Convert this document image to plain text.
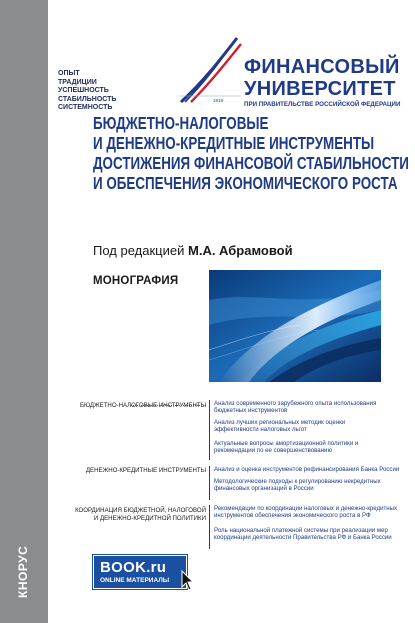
КНОРУС
ОПЫТ
ТРАДИЦИИ
УСПЕШНОСТЬ
СТАБИЛЬНОСТЬ
СИСТЕМНОСТЬ
1919
ФИНАНСОВЫЙ
УНИВЕРСИТЕТ
ПРИ ПРАВИТЕЛЬСТВЕ РОССИЙСКОЙ ФЕДЕРАЦИИ
БЮДЖЕТНО-НАЛОГОВЫЕ
И ДЕНЕЖНО-КРЕДИТНЫЕ ИНСТРУМЕНТЫ
ДОСТИЖЕНИЯ ФИНАНСОВОЙ СТАБИЛЬНОСТИ
И ОБЕСПЕЧЕНИЯ ЭКОНОМИЧЕСКОГО РОСТА
Под редакцией М.А. Абрамовой
МОНОГРАФИЯ
БЮДЖЕТНО-НАЛОГОВЫЕ ИНСТРУМЕНТЫ Анализ современного зарубежного опыта использования бюджетных инструментов
Анализ лучших региональных методик оценки эффективности налоговых льгот
Актуальные вопросы амортизационной политики и рекомендации по ее совершенствованию
ДЕНЕЖНО-КРЕДИТНЫЕ ИНСТРУМЕНТЫ Анализ и оценка инструментов рефинансирования Банка России
Методологические подходы к регулированию некредитных финансовых организаций в России
КООРДИНАЦИЯ БЮДЖЕТНОЙ, НАЛОГОВОЙ
И ДЕНЕЖНО-КРЕДИТНОЙ ПОЛИТИКИ
Рекомендации по координации налоговых и денежно-кредитных инструментов обеспечения экономического роста в РФ
Роль национальной платежной системы при реализации мер координации деятельности Правительства РФ и Банка России
BOOK.ru
ONLINE МАТЕРИАЛЫ
